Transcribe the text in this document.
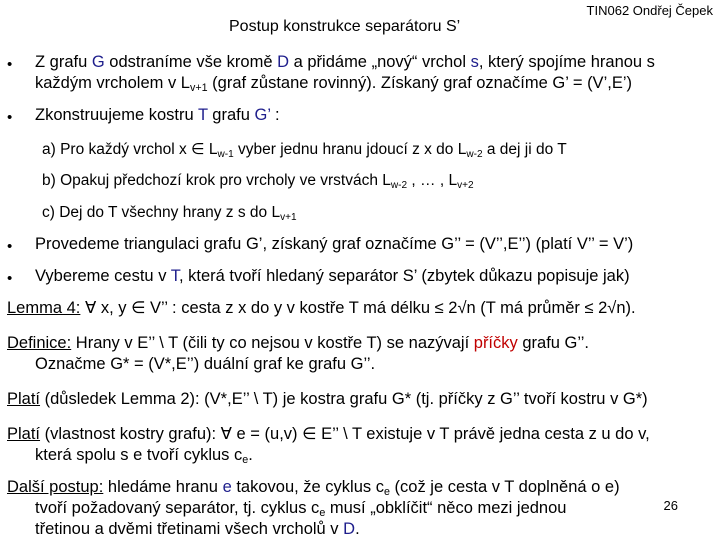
TIN062 Ondřej Čepek
Postup konstrukce separátoru S’
• Z grafu G odstraníme vše kromě D a přidáme „nový“ vrchol s, který spojíme hranou s
každým vrcholem v $L_{v+1}$ (graf zůstane rovinný). Získaný graf označíme G’ = (V’,E’)
• Zkonstruujeme kostru T grafu G’ :
a) Pro každý vrchol x ∈ $L_{w-1}$ vyber jednu hranu jdoucí z x do $L_{w-2}$ a dej ji do T
b) Opakuj předchozí krok pro vrcholy ve vrstvách $L_{w-2}$ , … , $L_{v+2}$
c) Dej do T všechny hrany z s do $L_{v+1}$
• Provedeme triangulaci grafu G’, získaný graf označíme G’’ = (V’’,E’’) (platí V’’ = V’)
• Vybereme cestu v T, která tvoří hledaný separátor S’ (zbytek důkazu popisuje jak)
Lemma 4: ∀ x, y ∈ V’’ : cesta z x do y v kostře T má délku ≤ 2√n (T má průměr ≤ 2√n).
Definice: Hrany v E’’ \ T (čili ty co nejsou v kostře T) se nazývají příčky grafu G’’.
Označme G* = (V*,E’’) duální graf ke grafu G’’.
Platí (důsledek Lemma 2): (V*,E’’ \ T) je kostra grafu G* (tj. příčky z G’’ tvoří kostru v G*)
Platí (vlastnost kostry grafu): ∀ e = (u,v) ∈ E’’ \ T existuje v T právě jedna cesta z u do v,
která spolu s e tvoří cyklus $c_e$.
Další postup: hledáme hranu e takovou, že cyklus $c_e$ (což je cesta v T doplněná o e)
tvoří požadovaný separátor, tj. cyklus $c_e$ musí „obklíčit“ něco mezi jednou
třetinou a dvěmi třetinami všech vrcholů v D.
26
